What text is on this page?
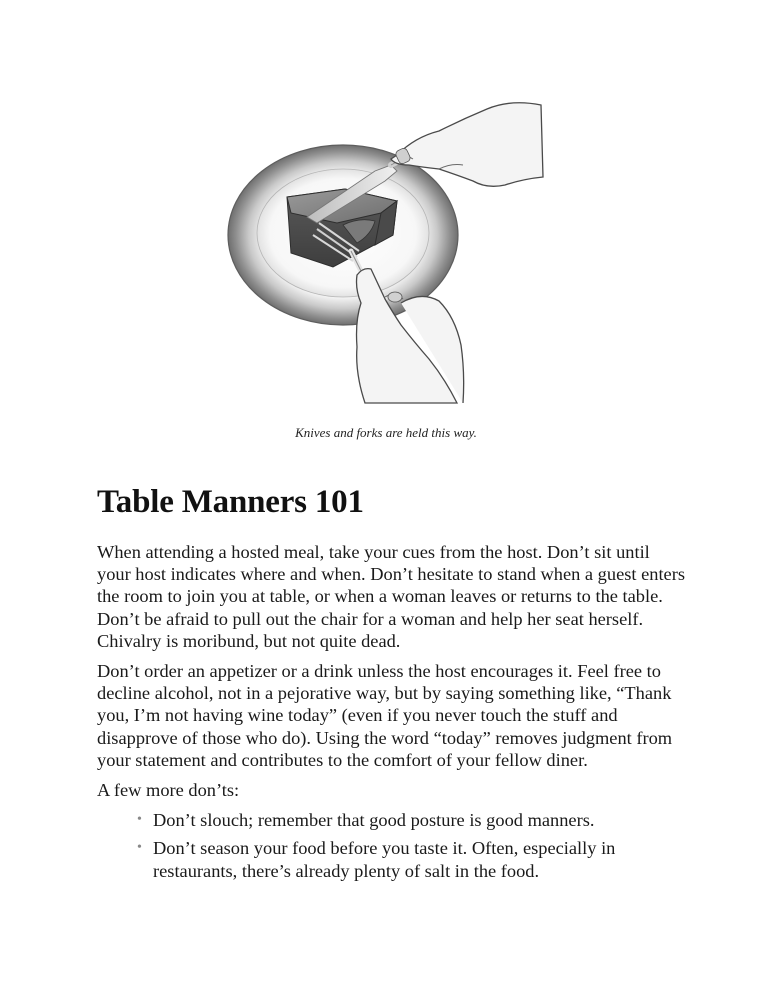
Knives and forks are held this way.
Table Manners 101

When attending a hosted meal, take your cues from the host. Don’t sit until your host indicates where and when. Don’t hesitate to stand when a guest enters the room to join you at table, or when a woman leaves or returns to the table. Don’t be afraid to pull out the chair for a woman and help her seat herself. Chivalry is moribund, but not quite dead.

Don’t order an appetizer or a drink unless the host encourages it. Feel free to decline alcohol, not in a pejorative way, but by saying something like, “Thank you, I’m not having wine today” (even if you never touch the stuff and disapprove of those who do). Using the word “today” removes judgment from your statement and contributes to the comfort of your fellow diner.

A few more don’ts:

• Don’t slouch; remember that good posture is good manners.
• Don’t season your food before you taste it. Often, especially in restaurants, there’s already plenty of salt in the food.
